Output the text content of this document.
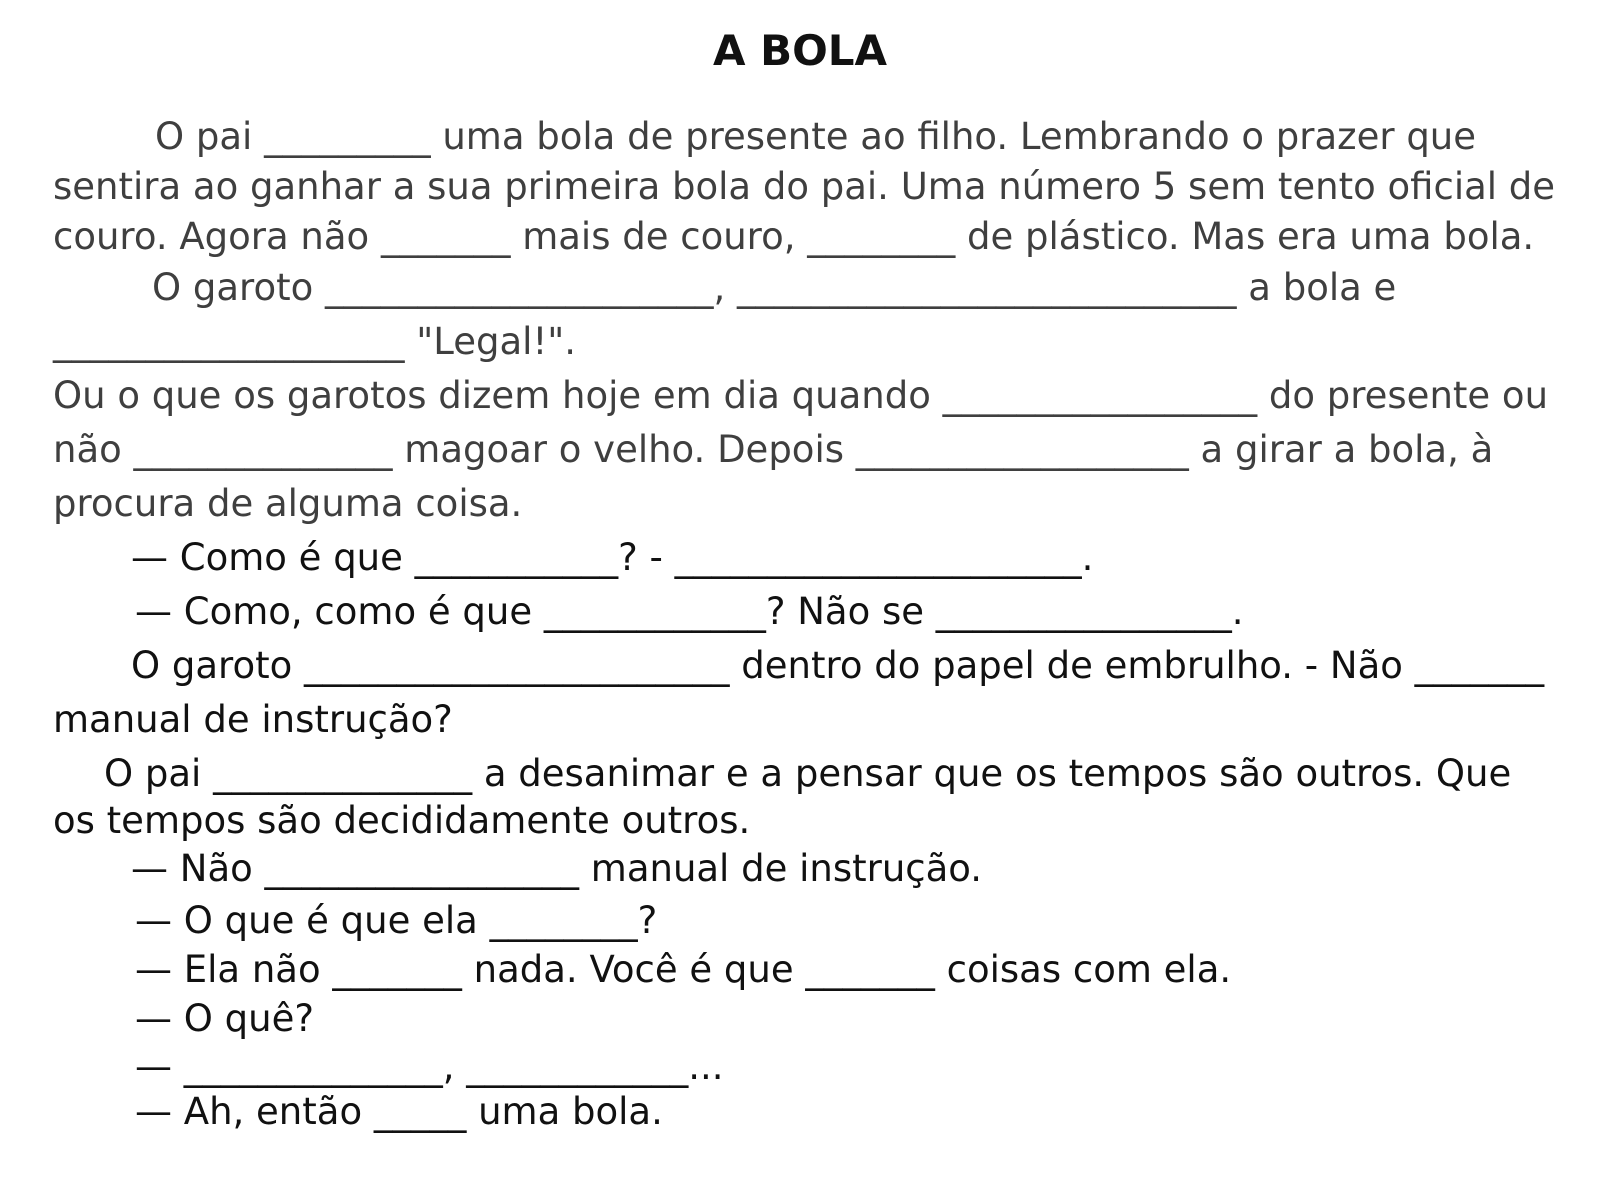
A BOLA
O pai _________ uma bola de presente ao filho. Lembrando o prazer que
sentira ao ganhar a sua primeira bola do pai. Uma número 5 sem tento oficial de
couro. Agora não _______ mais de couro, ________ de plástico. Mas era uma bola.
O garoto _____________________, ___________________________ a bola e
___________________ "Legal!".
Ou o que os garotos dizem hoje em dia quando _________________ do presente ou
não ______________ magoar o velho. Depois __________________ a girar a bola, à
procura de alguma coisa.
— Como é que ___________? - ______________________.
— Como, como é que ____________? Não se ________________.
O garoto _______________________ dentro do papel de embrulho. - Não _______
manual de instrução?
O pai ______________ a desanimar e a pensar que os tempos são outros. Que
os tempos são decididamente outros.
— Não _________________ manual de instrução.
— O que é que ela ________?
— Ela não _______ nada. Você é que _______ coisas com ela.
— O quê?
— ______________, ____________...
— Ah, então _____ uma bola.
